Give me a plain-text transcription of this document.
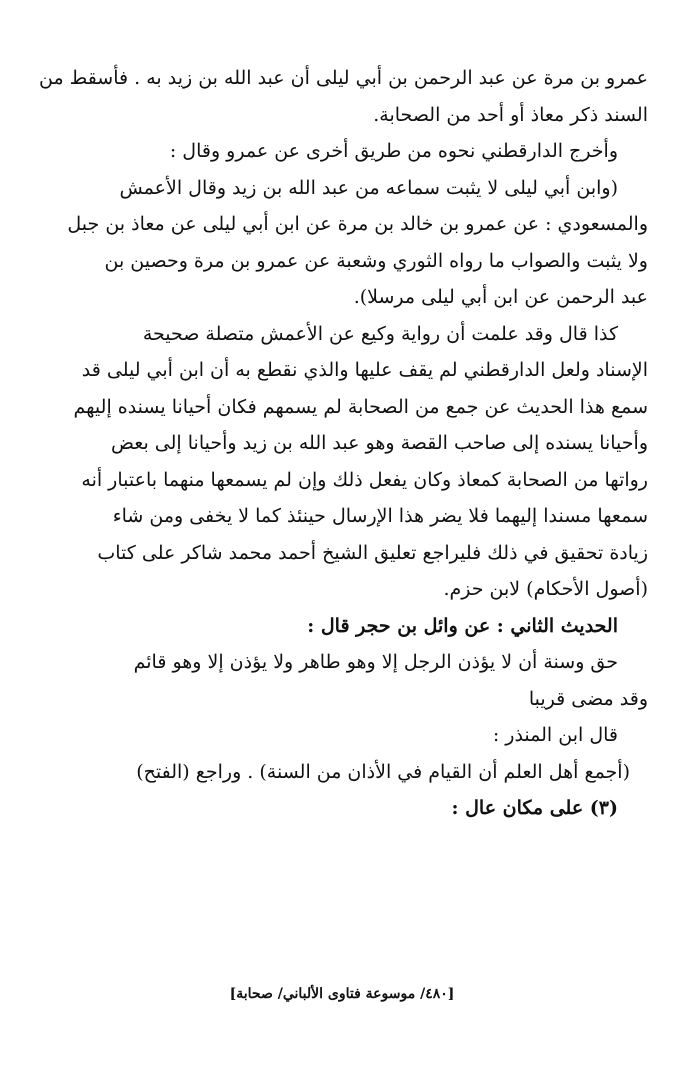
عمرو بن مرة عن عبد الرحمن بن أبي ليلى أن عبد الله بن زيد به . فأسقط من
السند ذكر معاذ أو أحد من الصحابة.
وأخرج الدارقطني نحوه من طريق أخرى عن عمرو وقال :
(وابن أبي ليلى لا يثبت سماعه من عبد الله بن زيد وقال الأعمش
والمسعودي : عن عمرو بن خالد بن مرة عن ابن أبي ليلى عن معاذ بن جبل
ولا يثبت والصواب ما رواه الثوري وشعبة عن عمرو بن مرة وحصين بن
عبد الرحمن عن ابن أبي ليلى مرسلا).
كذا قال وقد علمت أن رواية وكيع عن الأعمش متصلة صحيحة
الإسناد ولعل الدارقطني لم يقف عليها والذي نقطع به أن ابن أبي ليلى قد
سمع هذا الحديث عن جمع من الصحابة لم يسمهم فكان أحيانا يسنده إليهم
وأحيانا يسنده إلى صاحب القصة وهو عبد الله بن زيد وأحيانا إلى بعض
رواتها من الصحابة كمعاذ وكان يفعل ذلك وإن لم يسمعها منهما باعتبار أنه
سمعها مسندا إليهما فلا يضر هذا الإرسال حينئذ كما لا يخفى ومن شاء
زيادة تحقيق في ذلك فليراجع تعليق الشيخ أحمد محمد شاكر على كتاب
(أصول الأحكام) لابن حزم.
الحديث الثاني : عن وائل بن حجر قال :
حق وسنة أن لا يؤذن الرجل إلا وهو طاهر ولا يؤذن إلا وهو قائم
وقد مضى قريبا
قال ابن المنذر :
(أجمع أهل العلم أن القيام في الأذان من السنة) . وراجع (الفتح)
(٣) على مكان عال :
[٤٨٠/ موسوعة فتاوى الألباني/ صحابة]
